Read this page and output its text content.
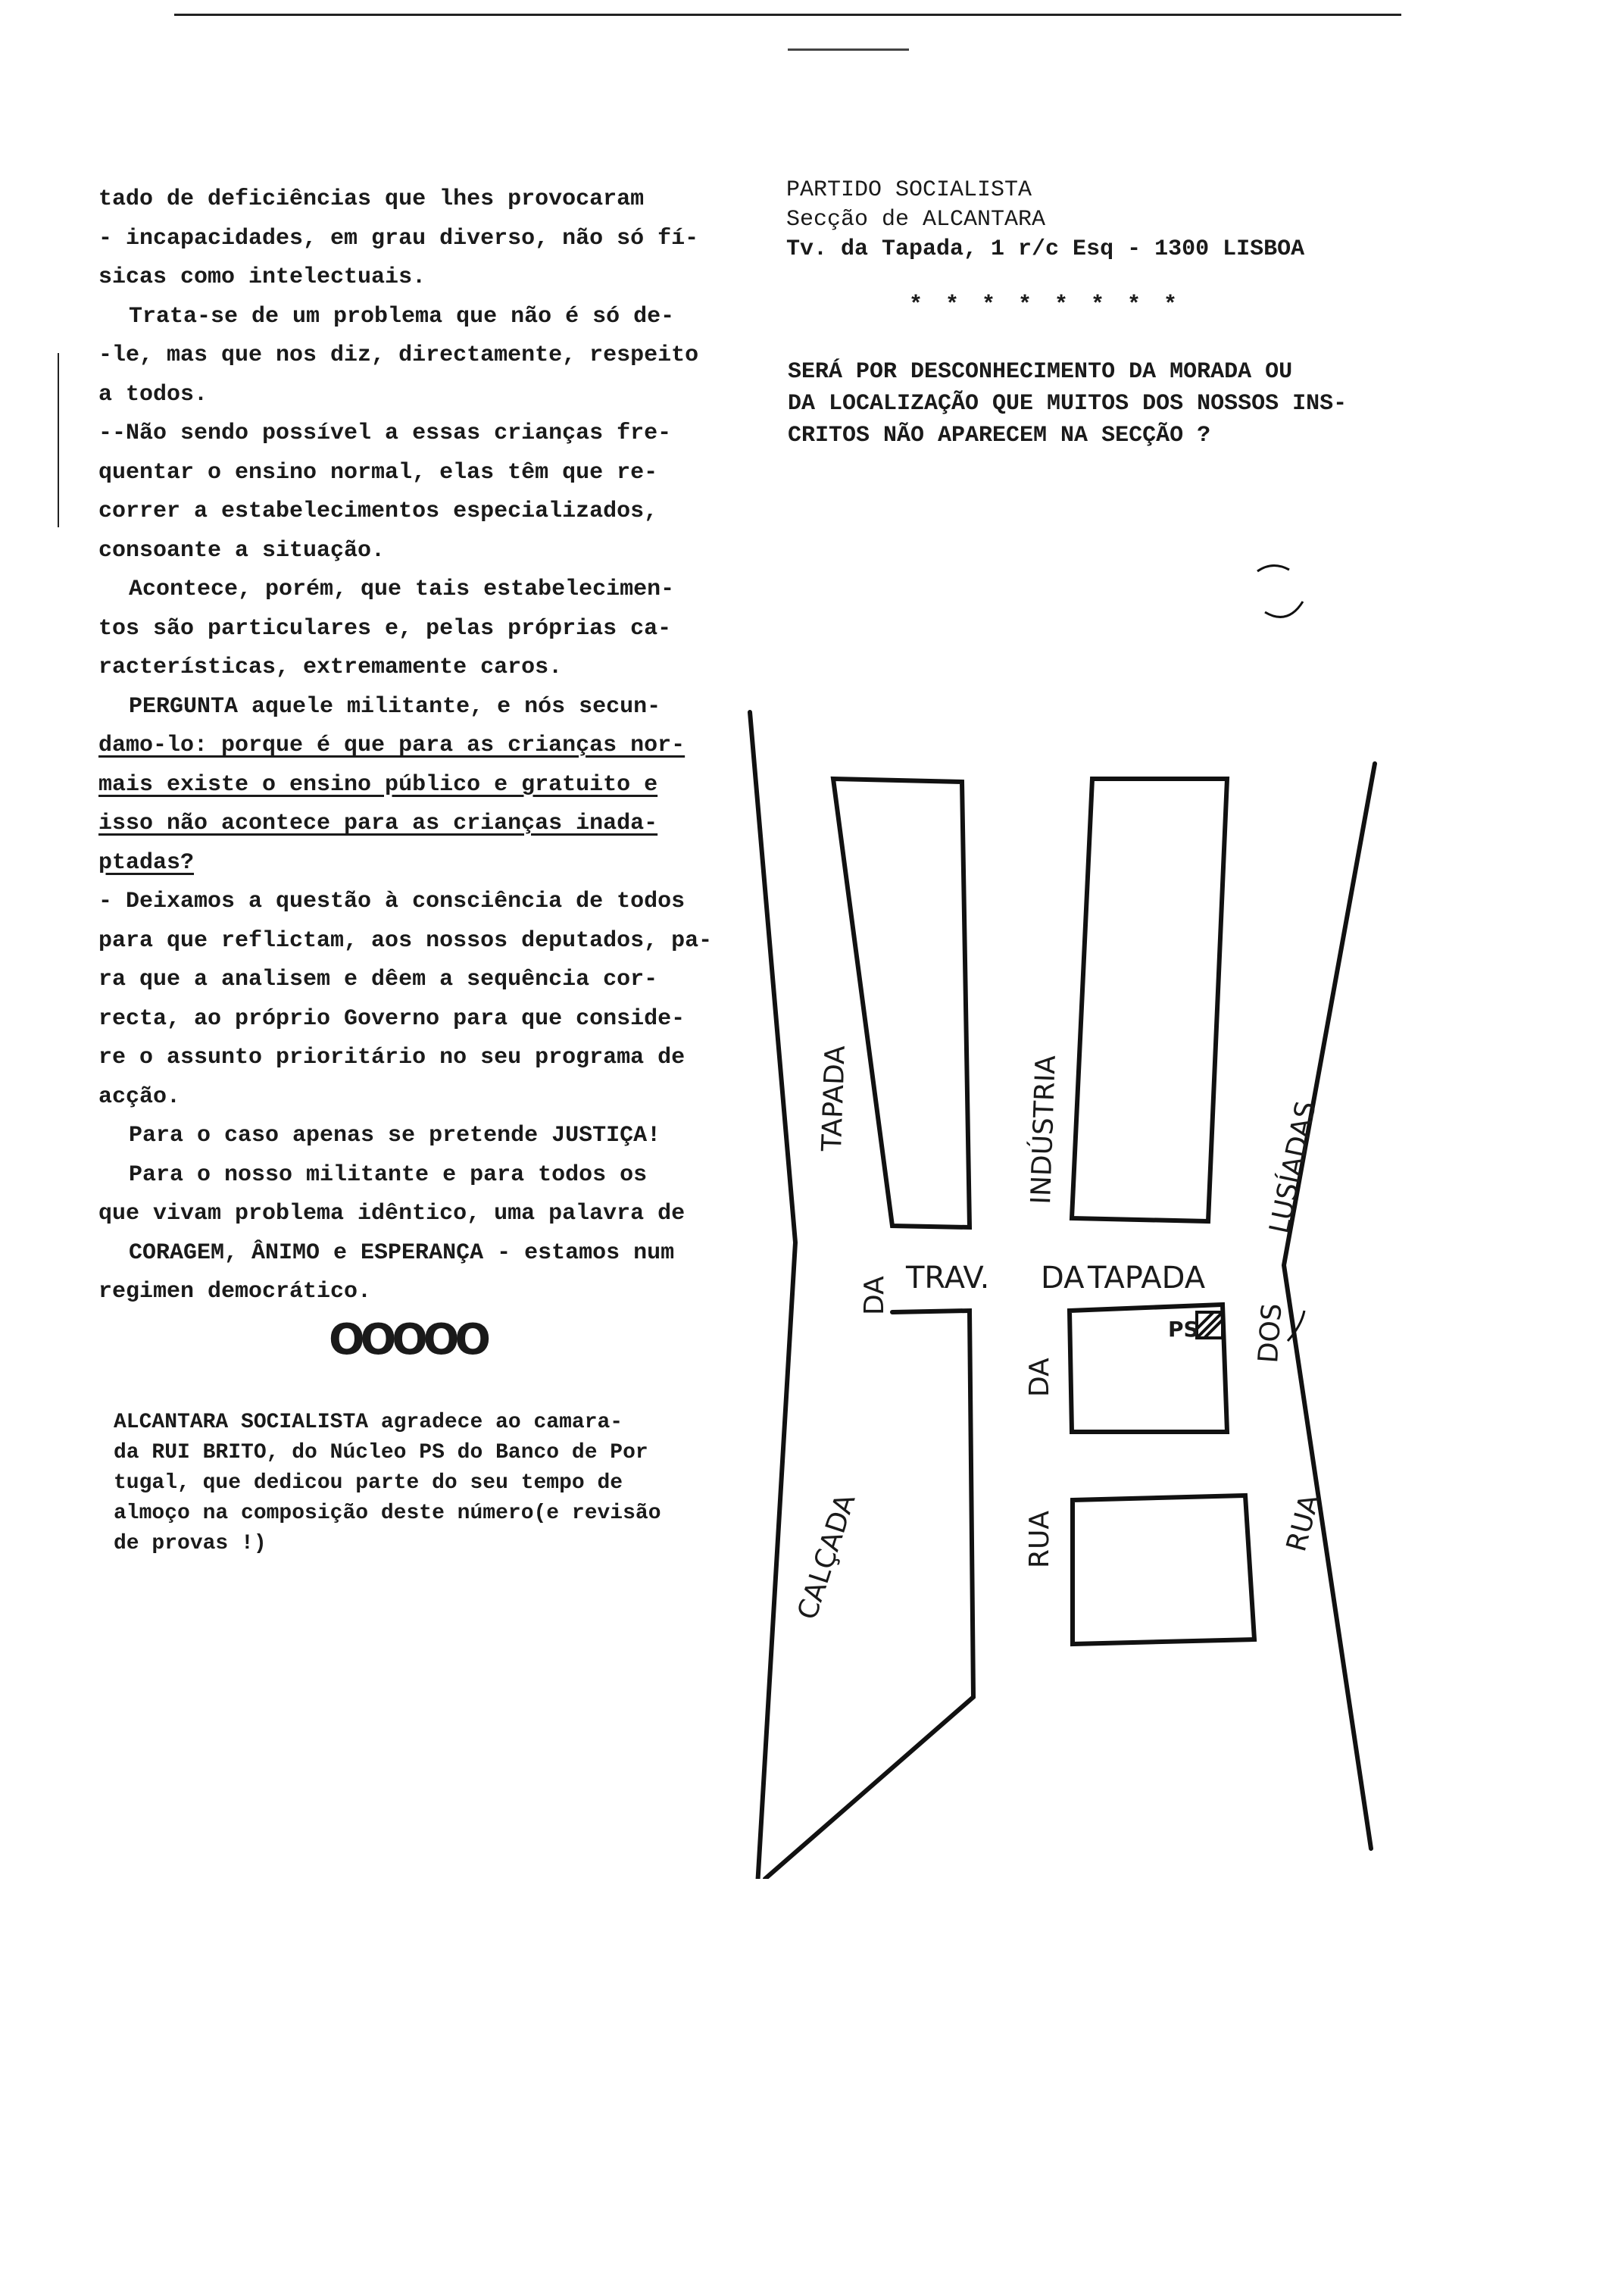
tado de deficiências que lhes provocaram

- incapacidades, em grau diverso, não só fí-

sicas como intelectuais.

Trata-se de um problema que não é só de-

-le, mas que nos diz, directamente, respeito

a todos.

--Não sendo possível a essas crianças fre-

quentar o ensino normal, elas têm que re-

correr a estabelecimentos especializados,

consoante a situação.

Acontece, porém, que tais estabelecimen-

tos são particulares e, pelas próprias ca-

racterísticas, extremamente caros.

PERGUNTA aquele militante, e nós secun-

damo-lo: porque é que para as crianças nor-

mais existe o ensino público e gratuito e

isso não acontece para as crianças inada-

ptadas?

- Deixamos a questão à consciência de todos

para que reflictam, aos nossos deputados, pa-

ra que a analisem e dêem a sequência cor-

recta, ao próprio Governo para que conside-

re o assunto prioritário no seu programa de

acção.

Para o caso apenas se pretende JUSTIÇA!

Para o nosso militante e para todos os

que vivam problema idêntico, uma palavra de

CORAGEM, ÂNIMO e ESPERANÇA - estamos num

regimen democrático.

OOOOO

ALCANTARA SOCIALISTA agradece ao camara-

da RUI BRITO, do Núcleo PS do Banco de Por

tugal, que dedicou parte do seu tempo de

almoço na composição deste número(e revisão

de provas !)

PARTIDO SOCIALISTA

Secção de ALCANTARA

Tv. da Tapada, 1 r/c Esq - 1300 LISBOA

* * * * * * * *

SERÁ POR DESCONHECIMENTO DA MORADA OU

DA LOCALIZAÇÃO QUE MUITOS DOS NOSSOS INS-

CRITOS NÃO APARECEM NA SECÇÃO ?

PS
CALÇADA
DA
TAPADA
TRAV. DA TAPADA
RUA
DA
INDÚSTRIA
RUA
DOS
LUSÍADAS
